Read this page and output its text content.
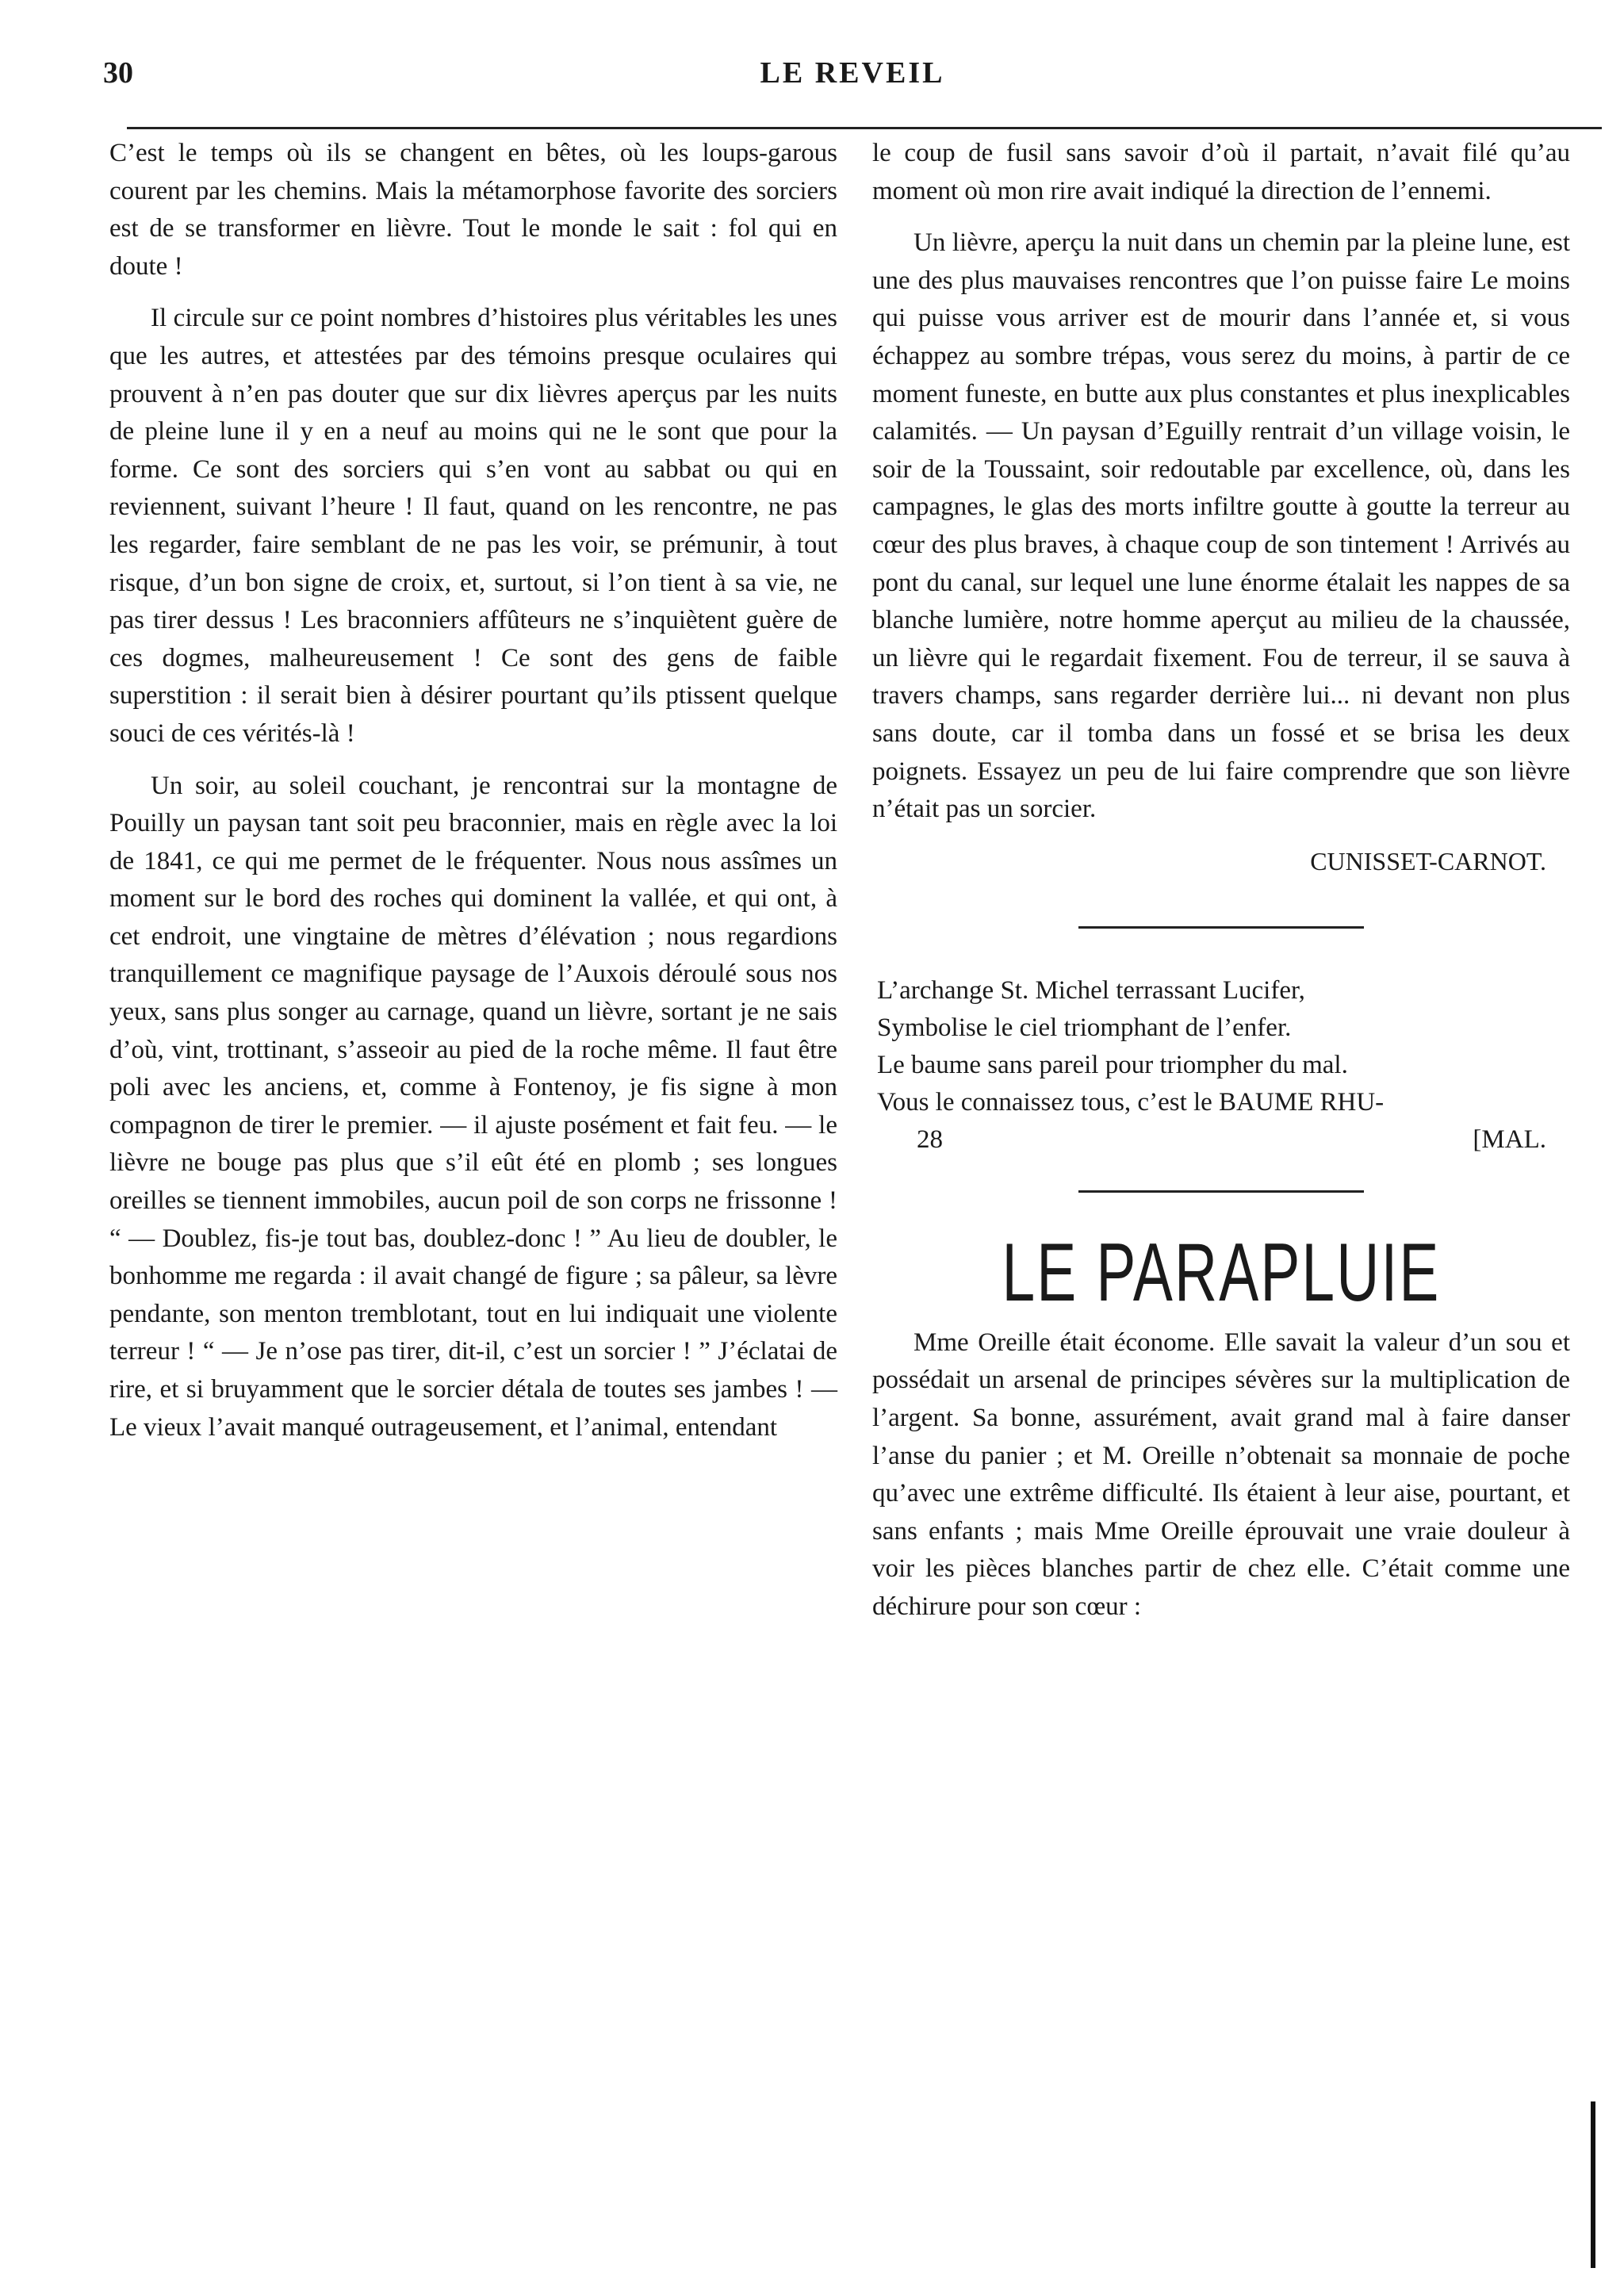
30	LE REVEIL

C’est le temps où ils se changent en bêtes, où les loups-garous courent par les chemins. Mais la métamorphose favorite des sorciers est de se transformer en lièvre. Tout le monde le sait : fol qui en doute !

Il circule sur ce point nombres d’histoires plus véritables les unes que les autres, et attestées par des témoins presque oculaires qui prouvent à n’en pas douter que sur dix lièvres aperçus par les nuits de pleine lune il y en a neuf au moins qui ne le sont que pour la forme. Ce sont des sorciers qui s’en vont au sabbat ou qui en reviennent, suivant l’heure ! Il faut, quand on les rencontre, ne pas les regarder, faire semblant de ne pas les voir, se prémunir, à tout risque, d’un bon signe de croix, et, surtout, si l’on tient à sa vie, ne pas tirer dessus ! Les braconniers affûteurs ne s’inquiètent guère de ces dogmes, malheureusement ! Ce sont des gens de faible superstition : il serait bien à désirer pourtant qu’ils ptissent quelque souci de ces vérités-là !

Un soir, au soleil couchant, je rencontrai sur la montagne de Pouilly un paysan tant soit peu braconnier, mais en règle avec la loi de 1841, ce qui me permet de le fréquenter. Nous nous assîmes un moment sur le bord des roches qui dominent la vallée, et qui ont, à cet endroit, une vingtaine de mètres d’élévation ; nous regardions tranquillement ce magnifique paysage de l’Auxois déroulé sous nos yeux, sans plus songer au carnage, quand un lièvre, sortant je ne sais d’où, vint, trottinant, s’asseoir au pied de la roche même. Il faut être poli avec les anciens, et, comme à Fontenoy, je fis signe à mon compagnon de tirer le premier. — il ajuste posément et fait feu. — le lièvre ne bouge pas plus que s’il eût été en plomb ; ses longues oreilles se tiennent immobiles, aucun poil de son corps ne frissonne ! “ — Doublez, fis-je tout bas, doublez-donc ! ” Au lieu de doubler, le bonhomme me regarda : il avait changé de figure ; sa pâleur, sa lèvre pendante, son menton tremblotant, tout en lui indiquait une violente terreur ! “ — Je n’ose pas tirer, dit-il, c’est un sorcier ! ” J’éclatai de rire, et si bruyamment que le sorcier détala de toutes ses jambes ! — Le vieux l’avait manqué outrageusement, et l’animal, entendant

le coup de fusil sans savoir d’où il partait, n’avait filé qu’au moment où mon rire avait indiqué la direction de l’ennemi.

Un lièvre, aperçu la nuit dans un chemin par la pleine lune, est une des plus mauvaises rencontres que l’on puisse faire Le moins qui puisse vous arriver est de mourir dans l’année et, si vous échappez au sombre trépas, vous serez du moins, à partir de ce moment funeste, en butte aux plus constantes et plus inexplicables calamités. — Un paysan d’Eguilly rentrait d’un village voisin, le soir de la Toussaint, soir redoutable par excellence, où, dans les campagnes, le glas des morts infiltre goutte à goutte la terreur au cœur des plus braves, à chaque coup de son tintement ! Arrivés au pont du canal, sur lequel une lune énorme étalait les nappes de sa blanche lumière, notre homme aperçut au milieu de la chaussée, un lièvre qui le regardait fixement. Fou de terreur, il se sauva à travers champs, sans regarder derrière lui... ni devant non plus sans doute, car il tomba dans un fossé et se brisa les deux poignets. Essayez un peu de lui faire comprendre que son lièvre n’était pas un sorcier.

CUNISSET-CARNOT.
L’archange St. Michel terrassant Lucifer,
Symbolise le ciel triomphant de l’enfer.
Le baume sans pareil pour triompher du mal.
Vous le connaissez tous, c’est le BAUME RHU-
28	[MAL.
LE PARAPLUIE

Mme Oreille était économe. Elle savait la valeur d’un sou et possédait un arsenal de principes sévères sur la multiplication de l’argent. Sa bonne, assurément, avait grand mal à faire danser l’anse du panier ; et M. Oreille n’obtenait sa monnaie de poche qu’avec une extrême difficulté. Ils étaient à leur aise, pourtant, et sans enfants ; mais Mme Oreille éprouvait une vraie douleur à voir les pièces blanches partir de chez elle. C’était comme une déchirure pour son cœur :
